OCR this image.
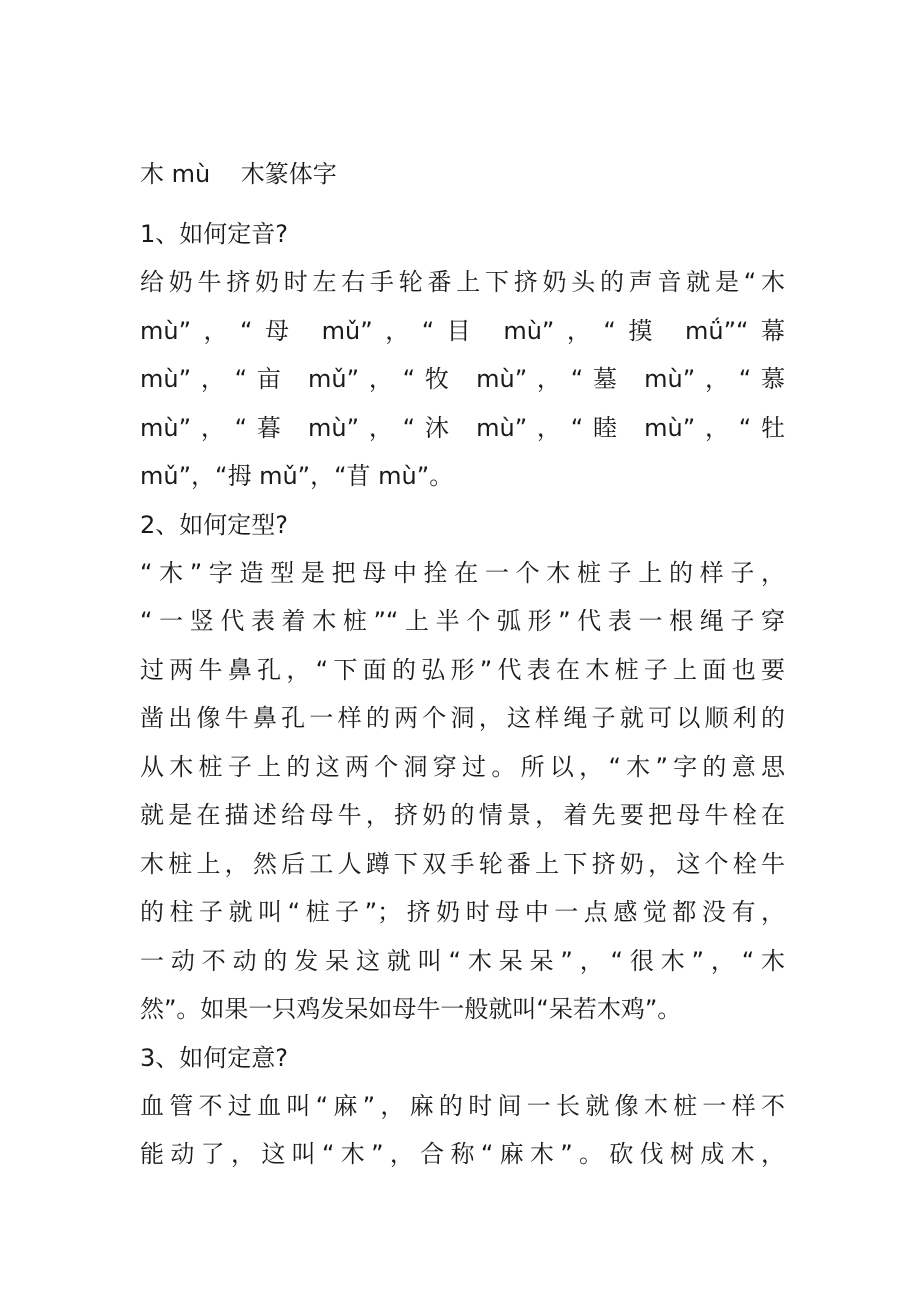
木 mù    木篆体字

1、如何定音?

给奶牛挤奶时左右手轮番上下挤奶头的声音就是“木
mù”，“母 mǔ”，“目 mù”，“摸 mǘ”“幕
mù”，“亩 mǔ”，“牧 mù”，“墓 mù”，“慕
mù”，“暮 mù”，“沐 mù”，“睦 mù”，“牡
mǔ”，“拇 mǔ”，“苜 mù”。

2、如何定型?

“木”字造型是把母中拴在一个木桩子上的样子，
“一竖代表着木桩”“上半个弧形”代表一根绳子穿
过两牛鼻孔，“下面的弘形”代表在木桩子上面也要
凿出像牛鼻孔一样的两个洞，这样绳子就可以顺利的
从木桩子上的这两个洞穿过。所以，“木”字的意思
就是在描述给母牛，挤奶的情景，着先要把母牛栓在
木桩上，然后工人蹲下双手轮番上下挤奶，这个栓牛
的柱子就叫“桩子”；挤奶时母中一点感觉都没有，
一动不动的发呆这就叫“木呆呆”，“很木”，“木
然”。如果一只鸡发呆如母牛一般就叫“呆若木鸡”。

3、如何定意?

血管不过血叫“麻”，麻的时间一长就像木桩一样不
能动了，这叫“木”，合称“麻木”。砍伐树成木，
